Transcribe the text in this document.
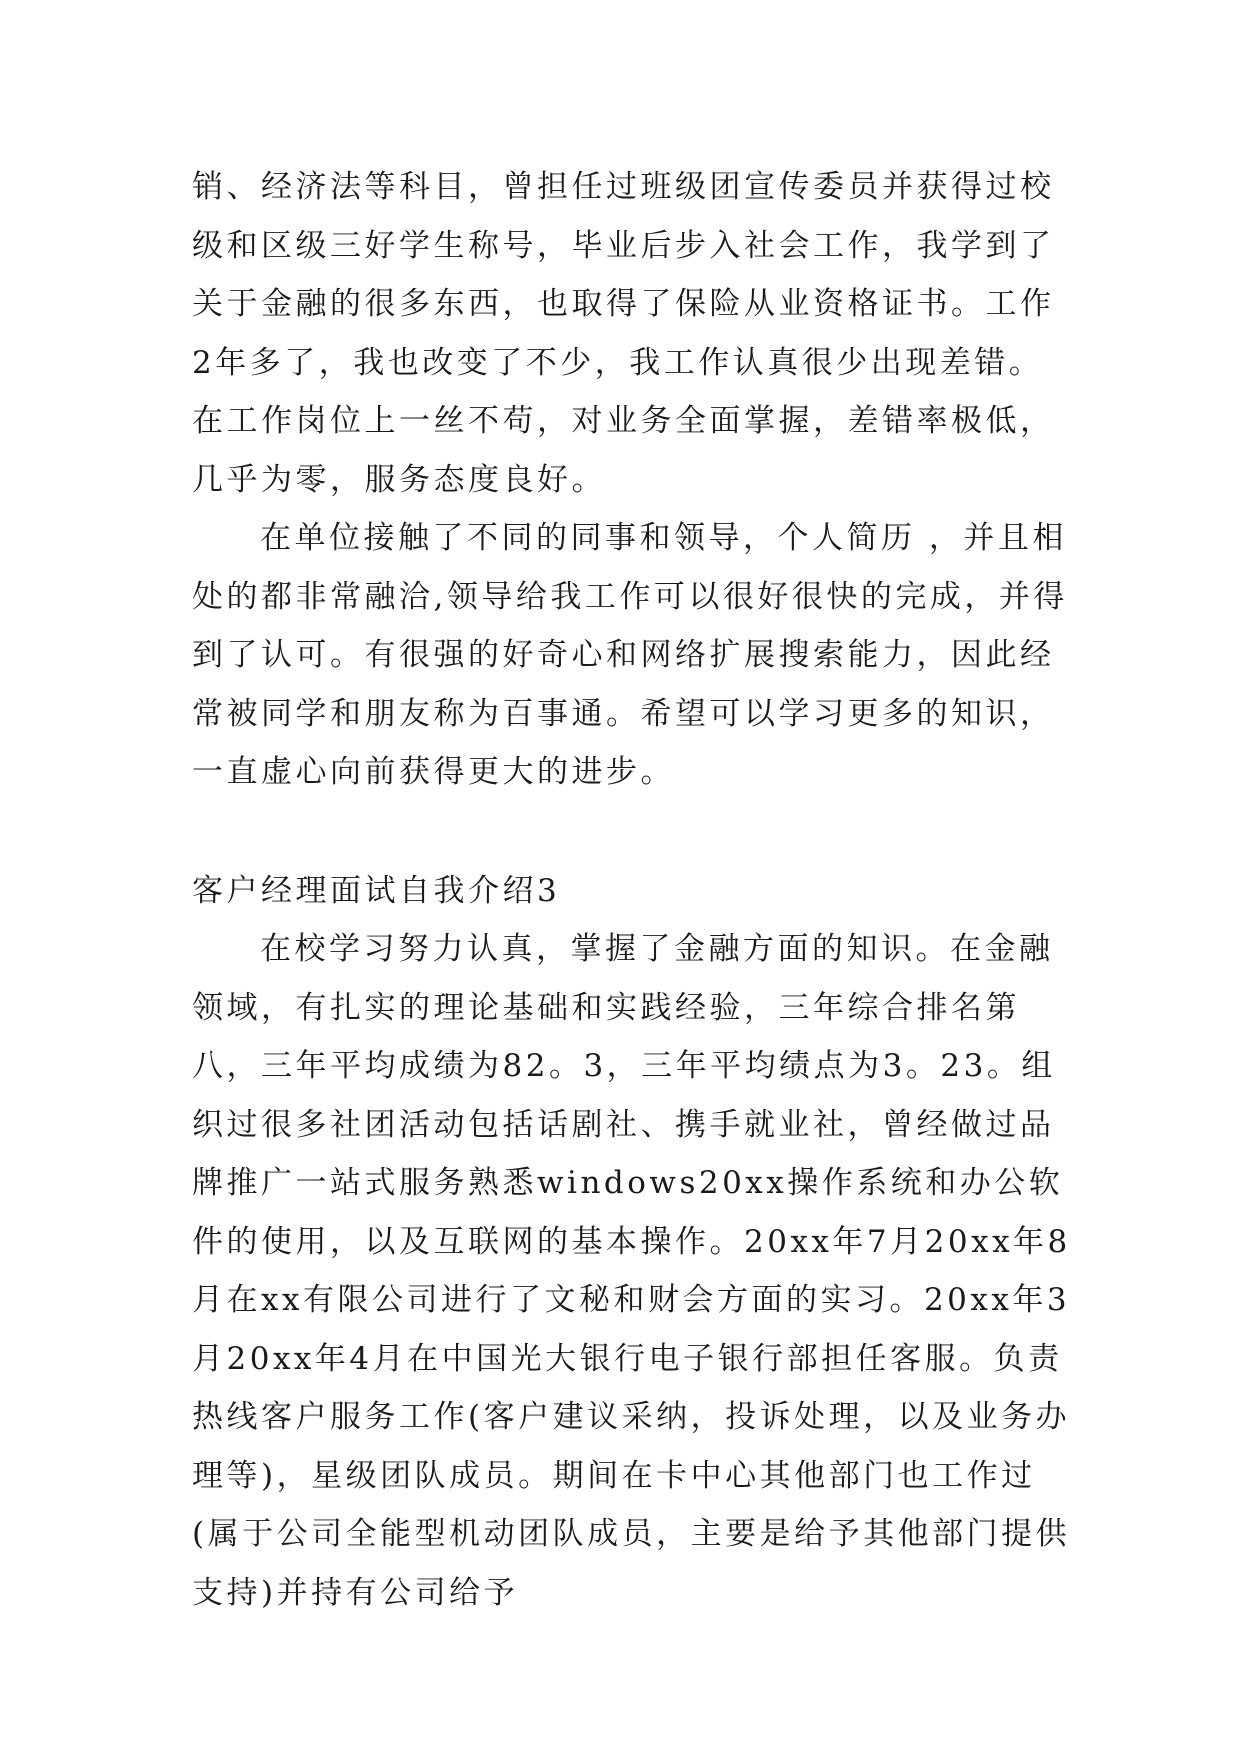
销、经济法等科目，曾担任过班级团宣传委员并获得过校级和区级三好学生称号，毕业后步入社会工作，我学到了关于金融的很多东西，也取得了保险从业资格证书。工作2年多了，我也改变了不少，我工作认真很少出现差错。在工作岗位上一丝不苟，对业务全面掌握，差错率极低，几乎为零，服务态度良好。

在单位接触了不同的同事和领导，个人简历 ，并且相处的都非常融洽,领导给我工作可以很好很快的完成，并得到了认可。有很强的好奇心和网络扩展搜索能力，因此经常被同学和朋友称为百事通。希望可以学习更多的知识，一直虚心向前获得更大的进步。

客户经理面试自我介绍3

在校学习努力认真，掌握了金融方面的知识。在金融领域，有扎实的理论基础和实践经验，三年综合排名第八，三年平均成绩为82。3，三年平均绩点为3。23。组织过很多社团活动包括话剧社、携手就业社，曾经做过品牌推广一站式服务熟悉windows20xx操作系统和办公软件的使用，以及互联网的基本操作。20xx年7月20xx年8月在xx有限公司进行了文秘和财会方面的实习。20xx年3月20xx年4月在中国光大银行电子银行部担任客服。负责热线客户服务工作(客户建议采纳，投诉处理，以及业务办理等)，星级团队成员。期间在卡中心其他部门也工作过(属于公司全能型机动团队成员，主要是给予其他部门提供支持)并持有公司给予
